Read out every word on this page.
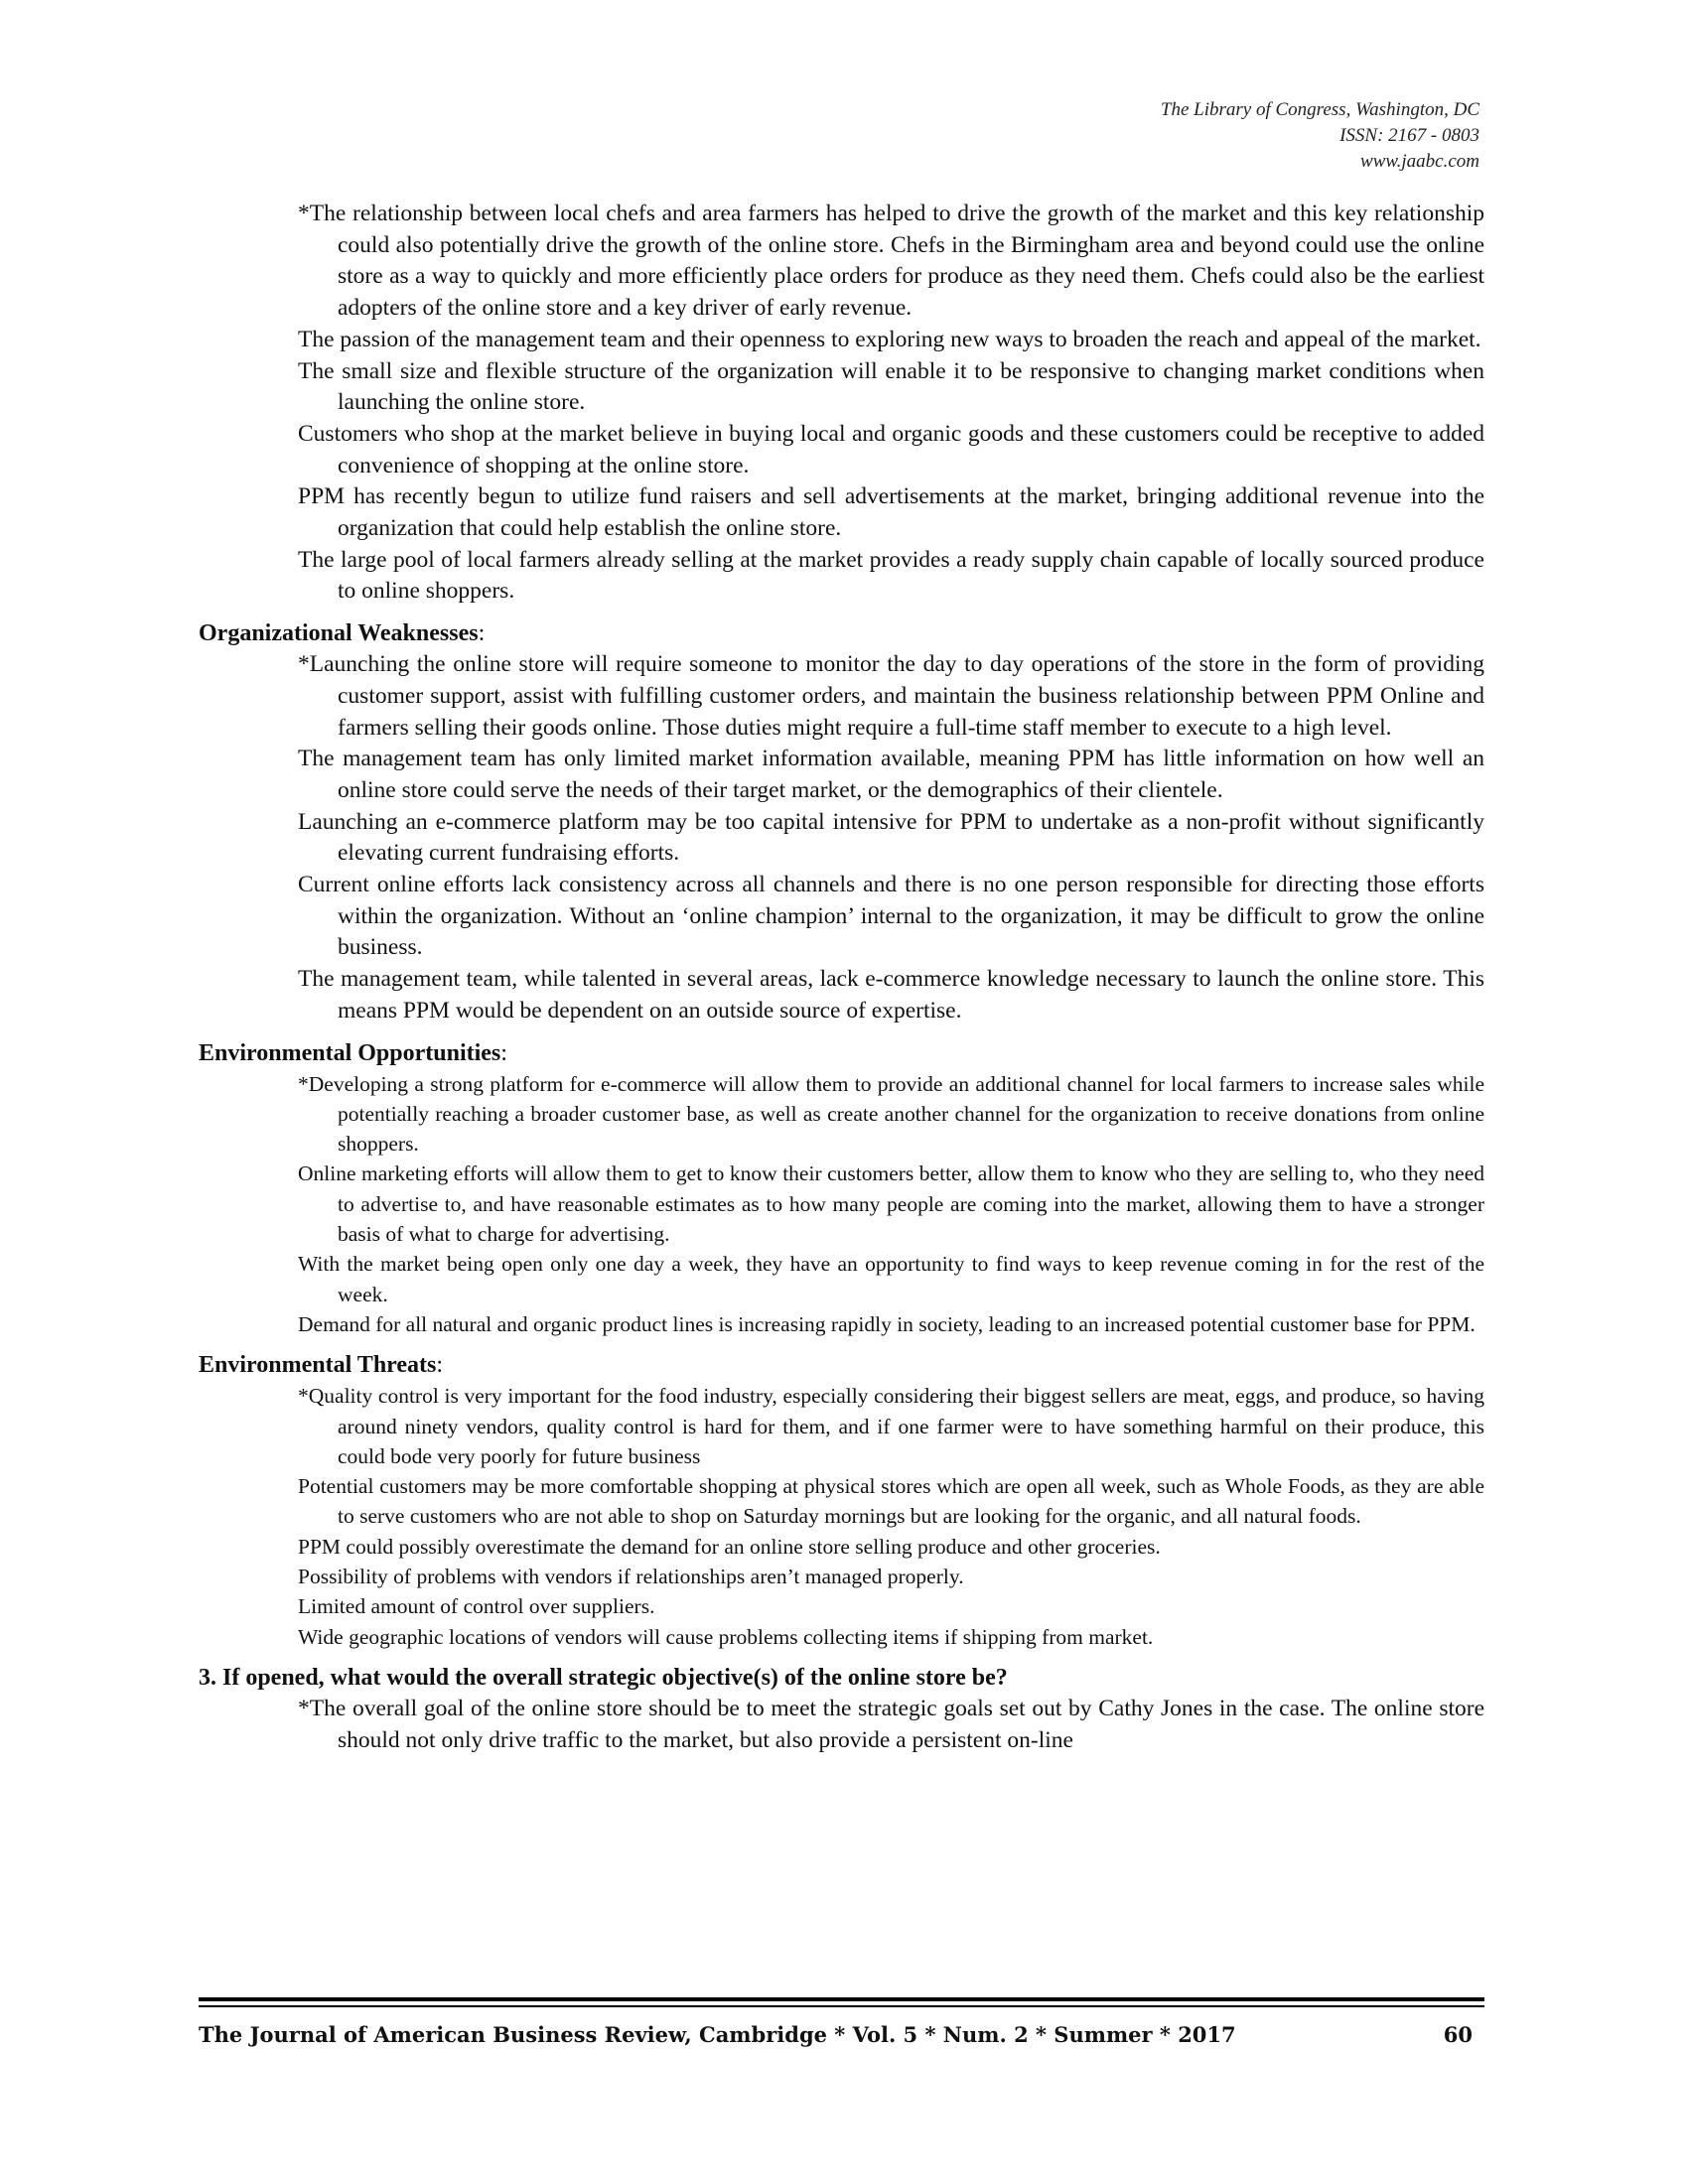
The Library of Congress, Washington, DC
ISSN: 2167 - 0803
www.jaabc.com
*The relationship between local chefs and area farmers has helped to drive the growth of the market and this key relationship could also potentially drive the growth of the online store. Chefs in the Birmingham area and beyond could use the online store as a way to quickly and more efficiently place orders for produce as they need them. Chefs could also be the earliest adopters of the online store and a key driver of early revenue.
The passion of the management team and their openness to exploring new ways to broaden the reach and appeal of the market.
The small size and flexible structure of the organization will enable it to be responsive to changing market conditions when launching the online store.
Customers who shop at the market believe in buying local and organic goods and these customers could be receptive to added convenience of shopping at the online store.
PPM has recently begun to utilize fund raisers and sell advertisements at the market, bringing additional revenue into the organization that could help establish the online store.
The large pool of local farmers already selling at the market provides a ready supply chain capable of locally sourced produce to online shoppers.
Organizational Weaknesses:
*Launching the online store will require someone to monitor the day to day operations of the store in the form of providing customer support, assist with fulfilling customer orders, and maintain the business relationship between PPM Online and farmers selling their goods online. Those duties might require a full-time staff member to execute to a high level.
The management team has only limited market information available, meaning PPM has little information on how well an online store could serve the needs of their target market, or the demographics of their clientele.
Launching an e-commerce platform may be too capital intensive for PPM to undertake as a non-profit without significantly elevating current fundraising efforts.
Current online efforts lack consistency across all channels and there is no one person responsible for directing those efforts within the organization. Without an ‘online champion’ internal to the organization, it may be difficult to grow the online business.
The management team, while talented in several areas, lack e-commerce knowledge necessary to launch the online store. This means PPM would be dependent on an outside source of expertise.
Environmental Opportunities:
*Developing a strong platform for e-commerce will allow them to provide an additional channel for local farmers to increase sales while potentially reaching a broader customer base, as well as create another channel for the organization to receive donations from online shoppers.
Online marketing efforts will allow them to get to know their customers better, allow them to know who they are selling to, who they need to advertise to, and have reasonable estimates as to how many people are coming into the market, allowing them to have a stronger basis of what to charge for advertising.
With the market being open only one day a week, they have an opportunity to find ways to keep revenue coming in for the rest of the week.
Demand for all natural and organic product lines is increasing rapidly in society, leading to an increased potential customer base for PPM.
Environmental Threats:
*Quality control is very important for the food industry, especially considering their biggest sellers are meat, eggs, and produce, so having around ninety vendors, quality control is hard for them, and if one farmer were to have something harmful on their produce, this could bode very poorly for future business
Potential customers may be more comfortable shopping at physical stores which are open all week, such as Whole Foods, as they are able to serve customers who are not able to shop on Saturday mornings but are looking for the organic, and all natural foods.
PPM could possibly overestimate the demand for an online store selling produce and other groceries.
Possibility of problems with vendors if relationships aren’t managed properly.
Limited amount of control over suppliers.
Wide geographic locations of vendors will cause problems collecting items if shipping from market.
3. If opened, what would the overall strategic objective(s) of the online store be?
*The overall goal of the online store should be to meet the strategic goals set out by Cathy Jones in the case. The online store should not only drive traffic to the market, but also provide a persistent on-line
The Journal of American Business Review, Cambridge * Vol. 5 * Num. 2 * Summer * 2017	60
